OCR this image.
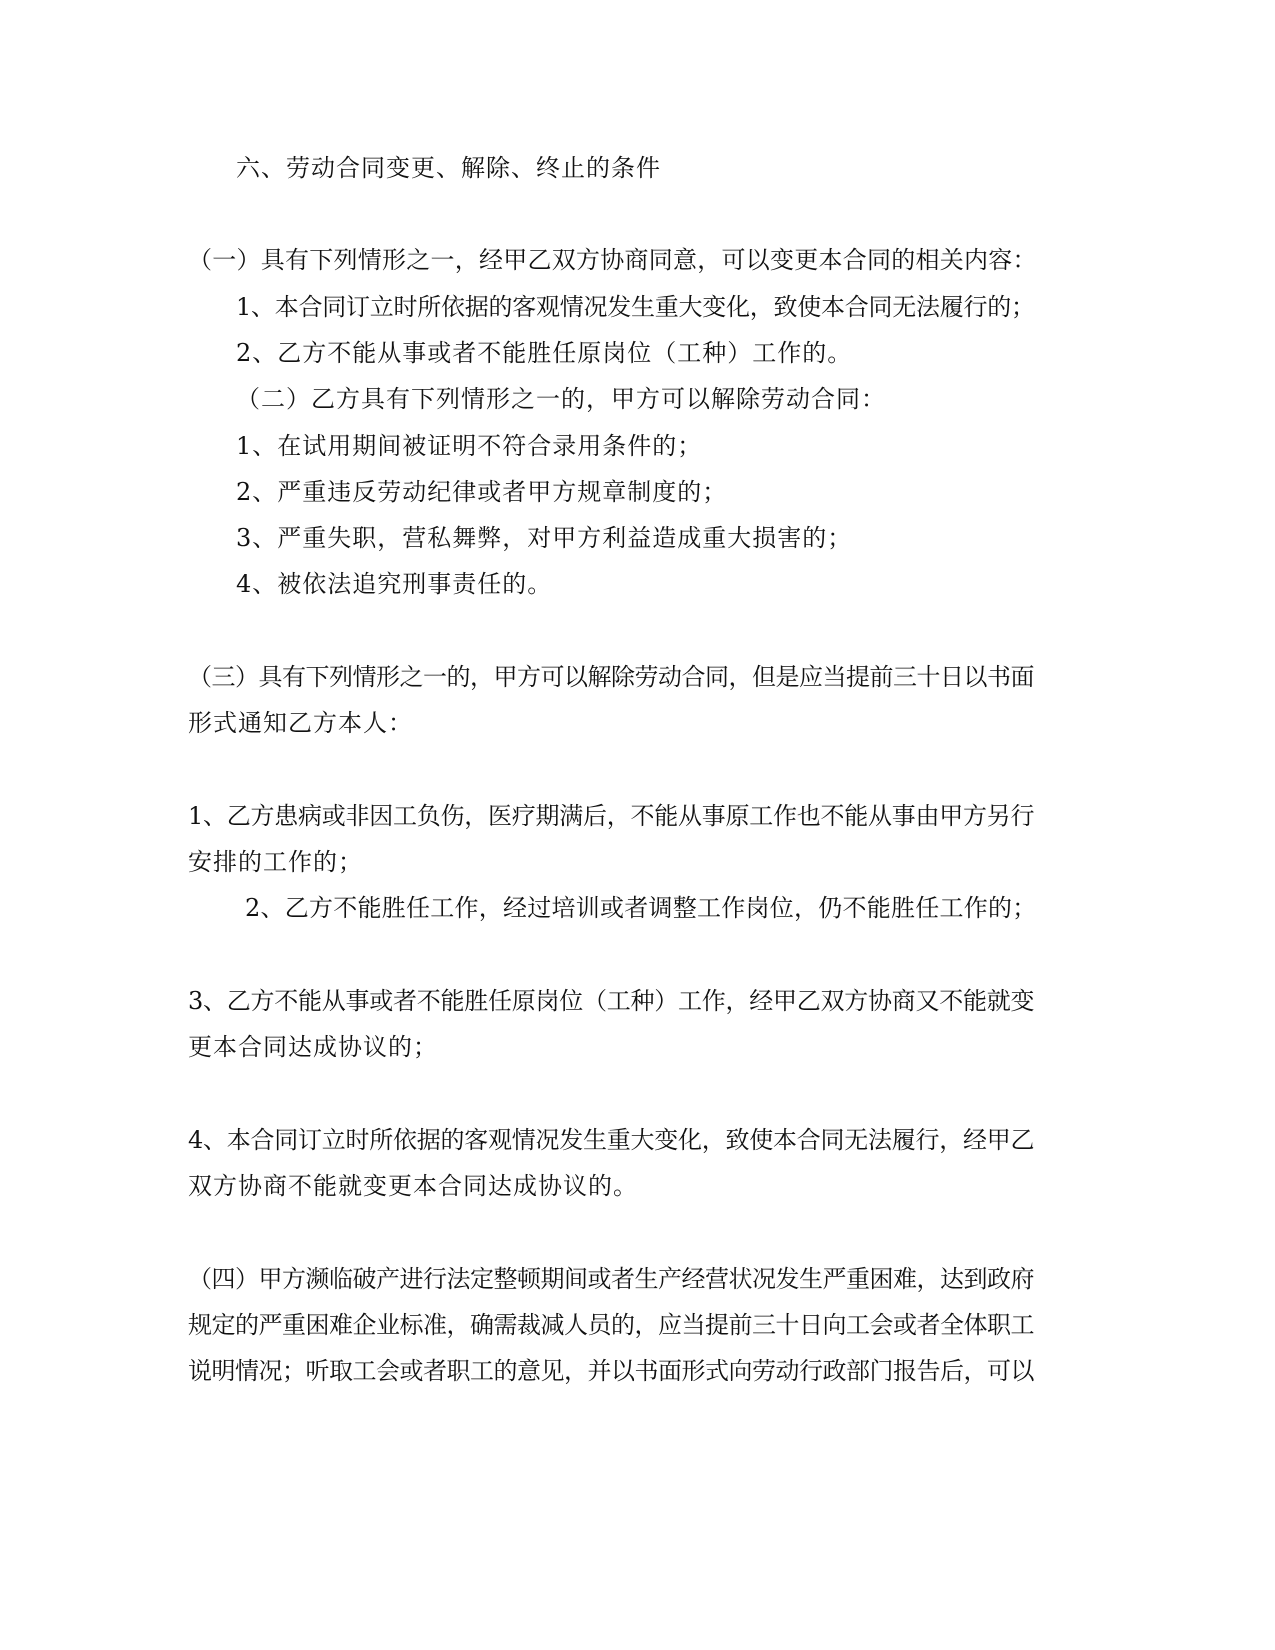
六、劳动合同变更、解除、终止的条件
（一）具有下列情形之一，经甲乙双方协商同意，可以变更本合同的相关内容：
1、本合同订立时所依据的客观情况发生重大变化，致使本合同无法履行的；
2、乙方不能从事或者不能胜任原岗位（工种）工作的。
（二）乙方具有下列情形之一的，甲方可以解除劳动合同：
1、在试用期间被证明不符合录用条件的；
2、严重违反劳动纪律或者甲方规章制度的；
3、严重失职，营私舞弊，对甲方利益造成重大损害的；
4、被依法追究刑事责任的。
（三）具有下列情形之一的，甲方可以解除劳动合同，但是应当提前三十日以书面
形式通知乙方本人：
1、乙方患病或非因工负伤，医疗期满后，不能从事原工作也不能从事由甲方另行
安排的工作的；
2、乙方不能胜任工作，经过培训或者调整工作岗位，仍不能胜任工作的；
3、乙方不能从事或者不能胜任原岗位（工种）工作，经甲乙双方协商又不能就变
更本合同达成协议的；
4、本合同订立时所依据的客观情况发生重大变化，致使本合同无法履行，经甲乙
双方协商不能就变更本合同达成协议的。
（四）甲方濒临破产进行法定整顿期间或者生产经营状况发生严重困难，达到政府
规定的严重困难企业标准，确需裁减人员的，应当提前三十日向工会或者全体职工
说明情况；听取工会或者职工的意见，并以书面形式向劳动行政部门报告后，可以
